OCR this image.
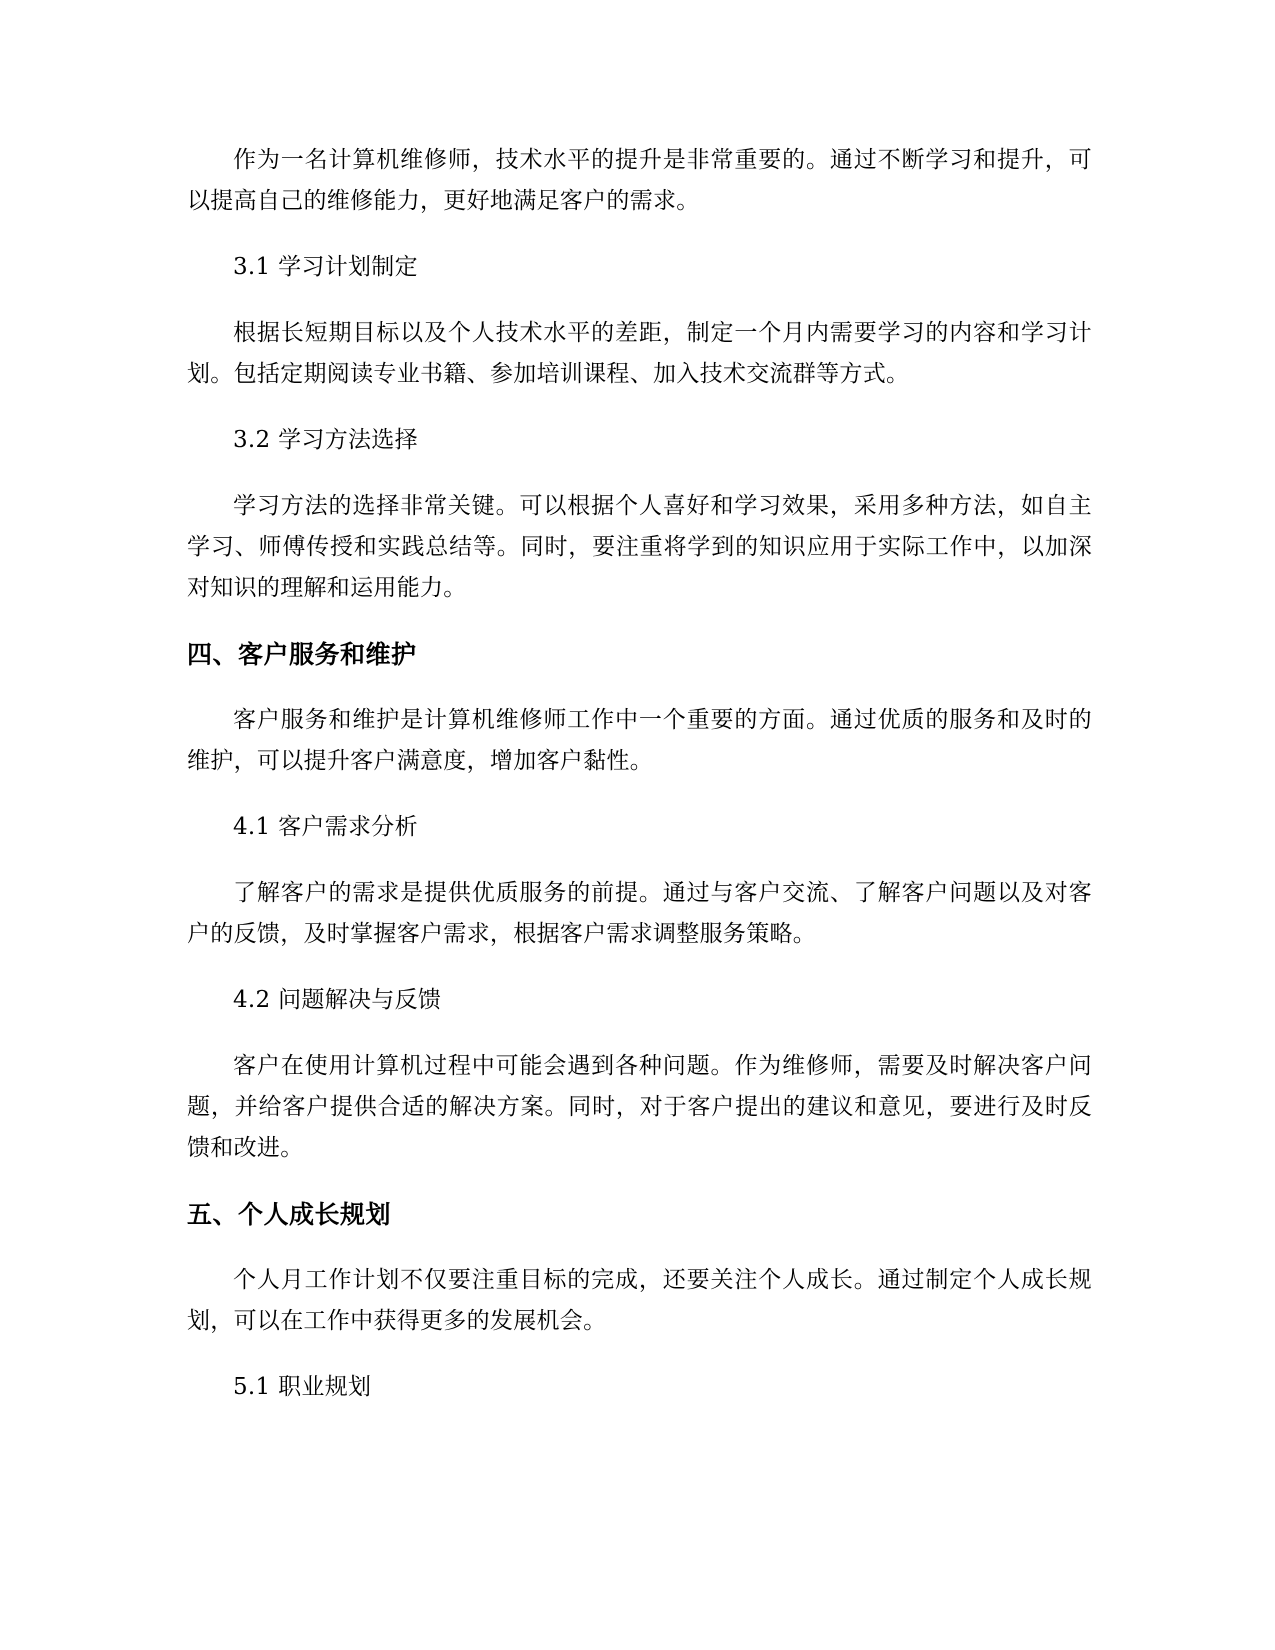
作为一名计算机维修师，技术水平的提升是非常重要的。通过不断学习和提升，可以提高自己的维修能力，更好地满足客户的需求。

3.1 学习计划制定

根据长短期目标以及个人技术水平的差距，制定一个月内需要学习的内容和学习计划。包括定期阅读专业书籍、参加培训课程、加入技术交流群等方式。

3.2 学习方法选择

学习方法的选择非常关键。可以根据个人喜好和学习效果，采用多种方法，如自主学习、师傅传授和实践总结等。同时，要注重将学到的知识应用于实际工作中，以加深对知识的理解和运用能力。

四、客户服务和维护

客户服务和维护是计算机维修师工作中一个重要的方面。通过优质的服务和及时的维护，可以提升客户满意度，增加客户黏性。

4.1 客户需求分析

了解客户的需求是提供优质服务的前提。通过与客户交流、了解客户问题以及对客户的反馈，及时掌握客户需求，根据客户需求调整服务策略。

4.2 问题解决与反馈

客户在使用计算机过程中可能会遇到各种问题。作为维修师，需要及时解决客户问题，并给客户提供合适的解决方案。同时，对于客户提出的建议和意见，要进行及时反馈和改进。

五、个人成长规划

个人月工作计划不仅要注重目标的完成，还要关注个人成长。通过制定个人成长规划，可以在工作中获得更多的发展机会。

5.1 职业规划
